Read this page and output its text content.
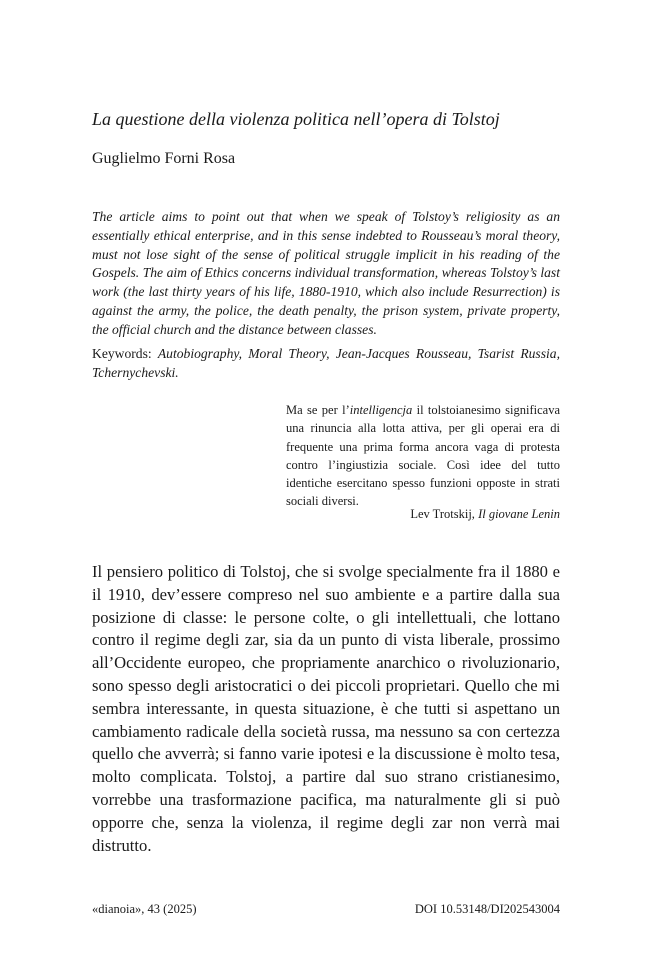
La questione della violenza politica nell’opera di Tolstoj

Guglielmo Forni Rosa

The article aims to point out that when we speak of Tolstoy’s religiosity as an essentially ethical enterprise, and in this sense indebted to Rousseau’s moral theory, must not lose sight of the sense of political struggle implicit in his reading of the Gospels. The aim of Ethics concerns individual transformation, whereas Tolstoy’s last work (the last thirty years of his life, 1880-1910, which also include Resurrection) is against the army, the police, the death penalty, the prison system, private property, the official church and the distance between classes.

Keywords: Autobiography, Moral Theory, Jean-Jacques Rousseau, Tsarist Russia, Tchernychevski.

Ma se per l’intelligencja il tolstoianesimo significava una rinuncia alla lotta attiva, per gli operai era di frequente una prima forma ancora vaga di protesta contro l’ingiustizia sociale. Così idee del tutto identiche esercitano spesso funzioni opposte in strati sociali diversi.

Lev Trotskij, Il giovane Lenin

Il pensiero politico di Tolstoj, che si svolge specialmente fra il 1880 e il 1910, dev’essere compreso nel suo ambiente e a partire dalla sua posizione di classe: le persone colte, o gli intellettuali, che lottano contro il regime degli zar, sia da un punto di vista liberale, prossimo all’Occidente europeo, che propriamente anarchico o rivoluzionario, sono spesso degli aristocratici o dei piccoli proprietari. Quello che mi sembra interessante, in questa situazione, è che tutti si aspettano un cambiamento radicale della società russa, ma nessuno sa con certezza quello che avverrà; si fanno varie ipotesi e la discussione è molto tesa, molto complicata. Tolstoj, a partire dal suo strano cristianesimo, vorrebbe una trasformazione pacifica, ma naturalmente gli si può opporre che, senza la violenza, il regime degli zar non verrà mai distrutto.

«dianoia», 43 (2025)	DOI 10.53148/DI202543004
